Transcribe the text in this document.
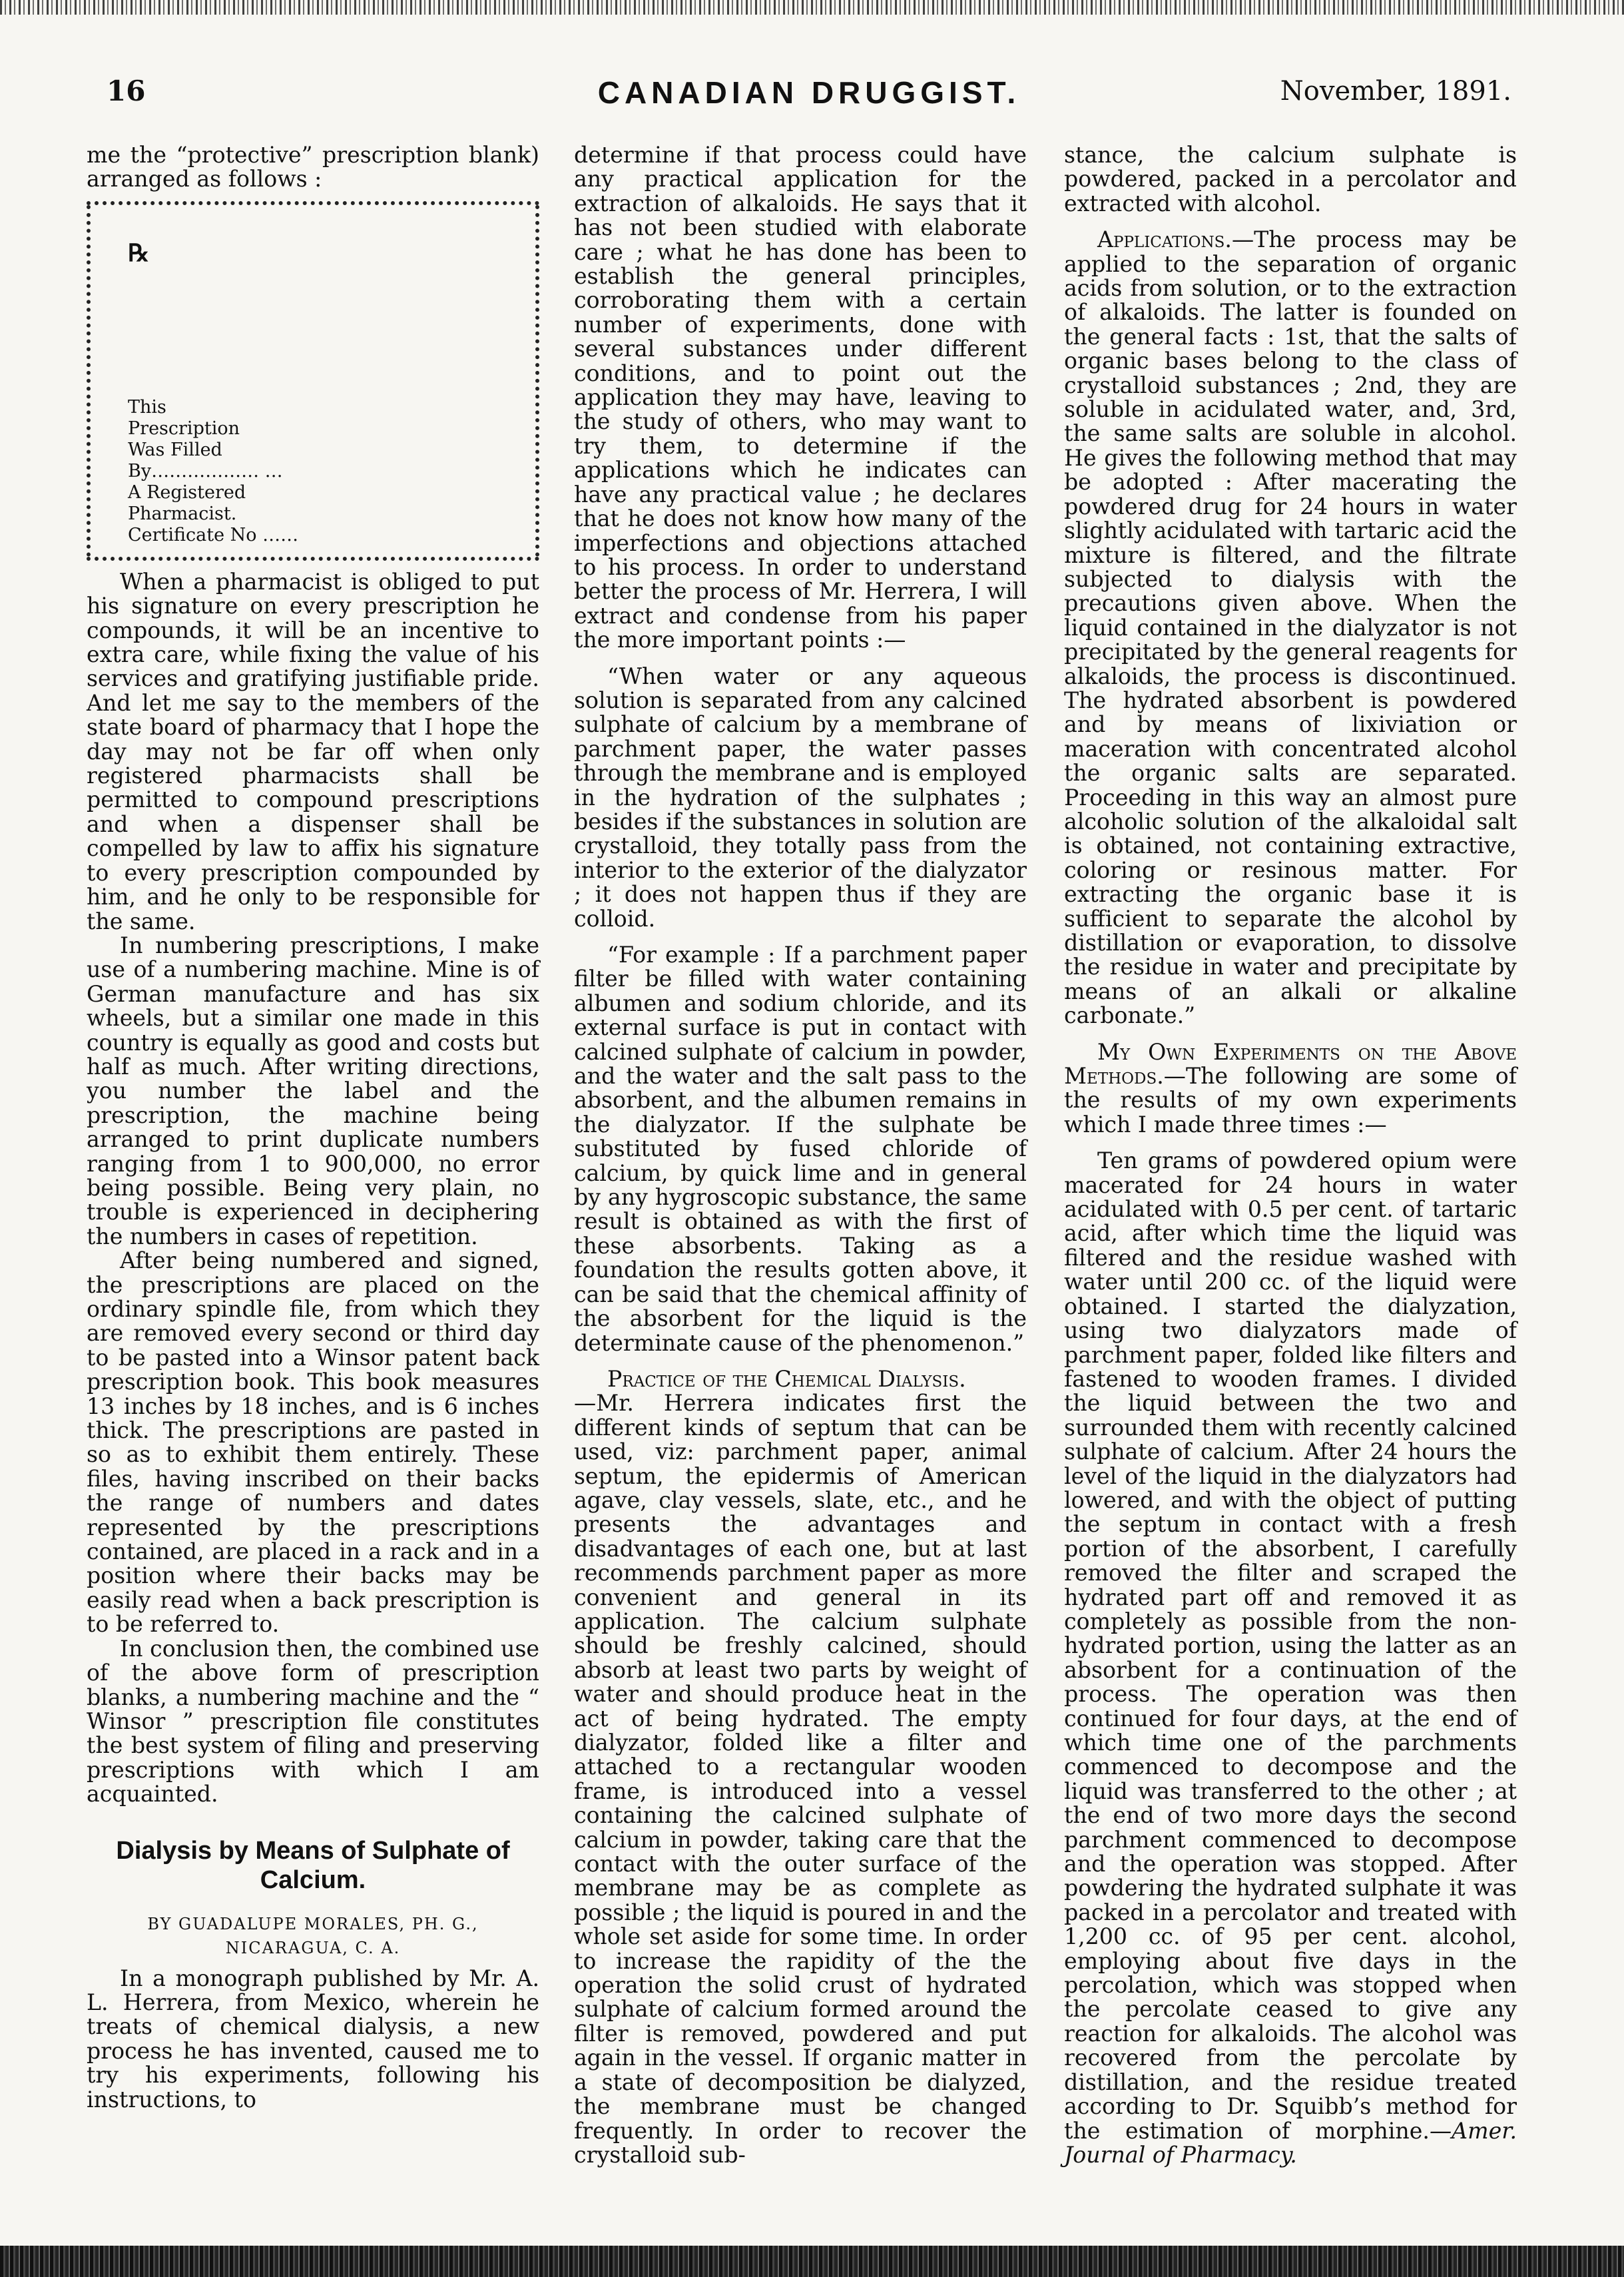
16	CANADIAN DRUGGIST.	November, 1891.

me the “protective” prescription blank) arranged as follows :

℞
This
Prescription
Was Filled
By……………… …
A Registered
Pharmacist.
Certificate No ……

When a pharmacist is obliged to put his signature on every prescription he compounds, it will be an incentive to extra care, while fixing the value of his services and gratifying justifiable pride. And let me say to the members of the state board of pharmacy that I hope the day may not be far off when only registered pharmacists shall be permitted to compound prescriptions and when a dispenser shall be compelled by law to affix his signature to every prescription compounded by him, and he only to be responsible for the same.

In numbering prescriptions, I make use of a numbering machine. Mine is of German manufacture and has six wheels, but a similar one made in this country is equally as good and costs but half as much. After writing directions, you number the label and the prescription, the machine being arranged to print duplicate numbers ranging from 1 to 900,000, no error being possible. Being very plain, no trouble is experienced in deciphering the numbers in cases of repetition.

After being numbered and signed, the prescriptions are placed on the ordinary spindle file, from which they are removed every second or third day to be pasted into a Winsor patent back prescription book. This book measures 13 inches by 18 inches, and is 6 inches thick. The prescriptions are pasted in so as to exhibit them entirely. These files, having inscribed on their backs the range of numbers and dates represented by the prescriptions contained, are placed in a rack and in a position where their backs may be easily read when a back prescription is to be referred to.

In conclusion then, the combined use of the above form of prescription blanks, a numbering machine and the “ Winsor ” prescription file constitutes the best system of filing and preserving prescriptions with which I am acquainted.

Dialysis by Means of Sulphate of Calcium.
BY GUADALUPE MORALES, PH. G., NICARAGUA, C. A.

In a monograph published by Mr. A. L. Herrera, from Mexico, wherein he treats of chemical dialysis, a new process he has invented, caused me to try his experiments, following his instructions, to

determine if that process could have any practical application for the extraction of alkaloids. He says that it has not been studied with elaborate care ; what he has done has been to establish the general principles, corroborating them with a certain number of experiments, done with several substances under different conditions, and to point out the application they may have, leaving to the study of others, who may want to try them, to determine if the applications which he indicates can have any practical value ; he declares that he does not know how many of the imperfections and objections attached to his process. In order to understand better the process of Mr. Herrera, I will extract and condense from his paper the more important points :—

“When water or any aqueous solution is separated from any calcined sulphate of calcium by a membrane of parchment paper, the water passes through the membrane and is employed in the hydration of the sulphates ; besides if the substances in solution are crystalloid, they totally pass from the interior to the exterior of the dialyzator ; it does not happen thus if they are colloid.

“For example : If a parchment paper filter be filled with water containing albumen and sodium chloride, and its external surface is put in contact with calcined sulphate of calcium in powder, and the water and the salt pass to the absorbent, and the albumen remains in the dialyzator. If the sulphate be substituted by fused chloride of calcium, by quick lime and in general by any hygroscopic substance, the same result is obtained as with the first of these absorbents. Taking as a foundation the results gotten above, it can be said that the chemical affinity of the absorbent for the liquid is the determinate cause of the phenomenon.”

Practice of the Chemical Dialysis.

—Mr. Herrera indicates first the different kinds of septum that can be used, viz: parchment paper, animal septum, the epidermis of American agave, clay vessels, slate, etc., and he presents the advantages and disadvantages of each one, but at last recommends parchment paper as more convenient and general in its application. The calcium sulphate should be freshly calcined, should absorb at least two parts by weight of water and should produce heat in the act of being hydrated. The empty dialyzator, folded like a filter and attached to a rectangular wooden frame, is introduced into a vessel containing the calcined sulphate of calcium in powder, taking care that the contact with the outer surface of the membrane may be as complete as possible ; the liquid is poured in and the whole set aside for some time. In order to increase the rapidity of the the operation the solid crust of hydrated sulphate of calcium formed around the filter is removed, powdered and put again in the vessel. If organic matter in a state of decomposition be dialyzed, the membrane must be changed frequently. In order to recover the crystalloid sub-

stance, the calcium sulphate is powdered, packed in a percolator and extracted with alcohol.

Applications.—The process may be applied to the separation of organic acids from solution, or to the extraction of alkaloids. The latter is founded on the general facts : 1st, that the salts of organic bases belong to the class of crystalloid substances ; 2nd, they are soluble in acidulated water, and, 3rd, the same salts are soluble in alcohol. He gives the following method that may be adopted : After macerating the powdered drug for 24 hours in water slightly acidulated with tartaric acid the mixture is filtered, and the filtrate subjected to dialysis with the precautions given above. When the liquid contained in the dialyzator is not precipitated by the general reagents for alkaloids, the process is discontinued. The hydrated absorbent is powdered and by means of lixiviation or maceration with concentrated alcohol the organic salts are separated. Proceeding in this way an almost pure alcoholic solution of the alkaloidal salt is obtained, not containing extractive, coloring or resinous matter. For extracting the organic base it is sufficient to separate the alcohol by distillation or evaporation, to dissolve the residue in water and precipitate by means of an alkali or alkaline carbonate.”

My Own Experiments on the Above Methods.—The following are some of the results of my own experiments which I made three times :—

Ten grams of powdered opium were macerated for 24 hours in water acidulated with 0.5 per cent. of tartaric acid, after which time the liquid was filtered and the residue washed with water until 200 cc. of the liquid were obtained. I started the dialyzation, using two dialyzators made of parchment paper, folded like filters and fastened to wooden frames. I divided the liquid between the two and surrounded them with recently calcined sulphate of calcium. After 24 hours the level of the liquid in the dialyzators had lowered, and with the object of putting the septum in contact with a fresh portion of the absorbent, I carefully removed the filter and scraped the hydrated part off and removed it as completely as possible from the non-hydrated portion, using the latter as an absorbent for a continuation of the process. The operation was then continued for four days, at the end of which time one of the parchments commenced to decompose and the liquid was transferred to the other ; at the end of two more days the second parchment commenced to decompose and the operation was stopped. After powdering the hydrated sulphate it was packed in a percolator and treated with 1,200 cc. of 95 per cent. alcohol, employing about five days in the percolation, which was stopped when the percolate ceased to give any reaction for alkaloids. The alcohol was recovered from the percolate by distillation, and the residue treated according to Dr. Squibb’s method for the estimation of morphine.—Amer. Journal of Pharmacy.
